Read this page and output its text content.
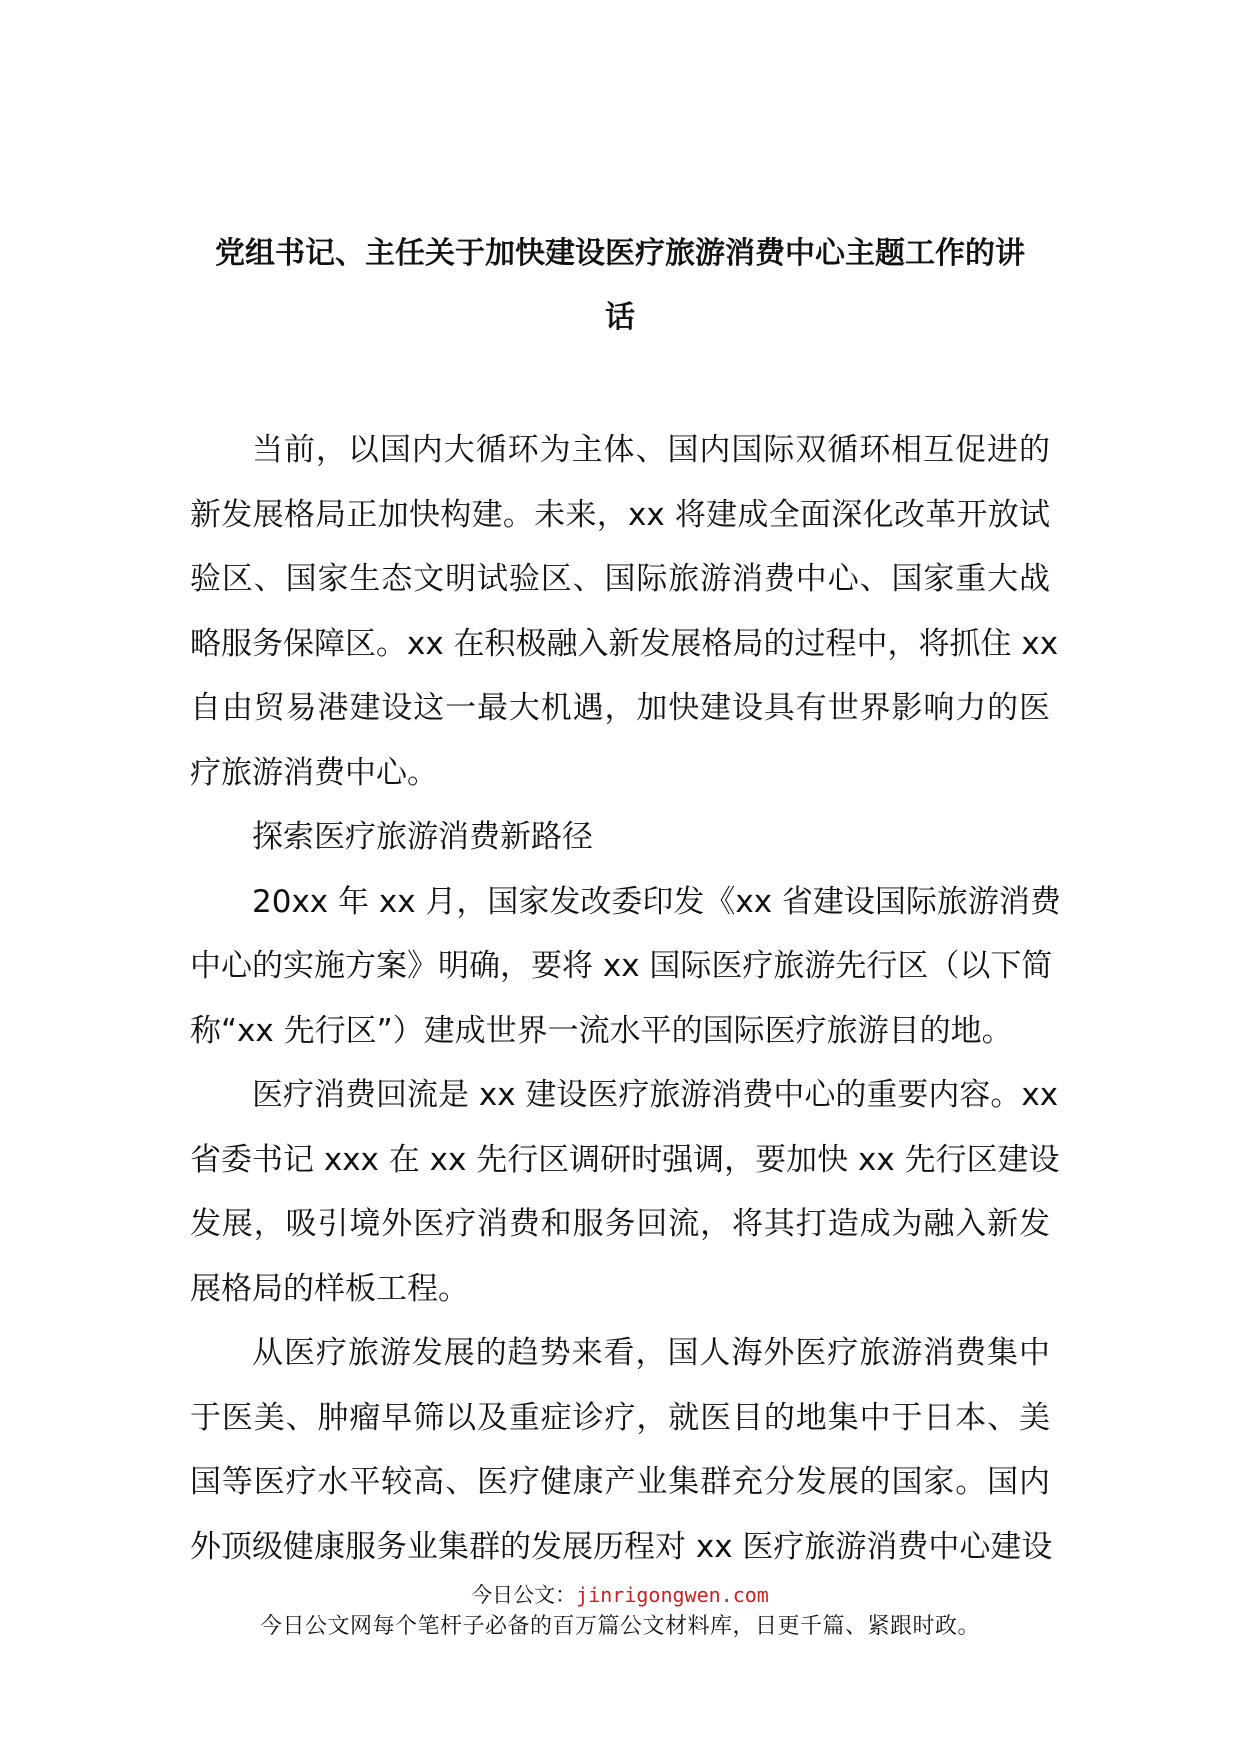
党组书记、主任关于加快建设医疗旅游消费中心主题工作的讲
话

当前，以国内大循环为主体、国内国际双循环相互促进的
新发展格局正加快构建。未来，xx 将建成全面深化改革开放试
验区、国家生态文明试验区、国际旅游消费中心、国家重大战
略服务保障区。xx 在积极融入新发展格局的过程中，将抓住 xx
自由贸易港建设这一最大机遇，加快建设具有世界影响力的医
疗旅游消费中心。

探索医疗旅游消费新路径

20xx 年 xx 月，国家发改委印发《xx 省建设国际旅游消费
中心的实施方案》明确，要将 xx 国际医疗旅游先行区（以下简
称“xx 先行区”）建成世界一流水平的国际医疗旅游目的地。

医疗消费回流是 xx 建设医疗旅游消费中心的重要内容。xx
省委书记 xxx 在 xx 先行区调研时强调，要加快 xx 先行区建设
发展，吸引境外医疗消费和服务回流，将其打造成为融入新发
展格局的样板工程。

从医疗旅游发展的趋势来看，国人海外医疗旅游消费集中
于医美、肿瘤早筛以及重症诊疗，就医目的地集中于日本、美
国等医疗水平较高、医疗健康产业集群充分发展的国家。国内
外顶级健康服务业集群的发展历程对 xx 医疗旅游消费中心建设

今日公文：jinrigongwen.com
今日公文网每个笔杆子必备的百万篇公文材料库，日更千篇、紧跟时政。
